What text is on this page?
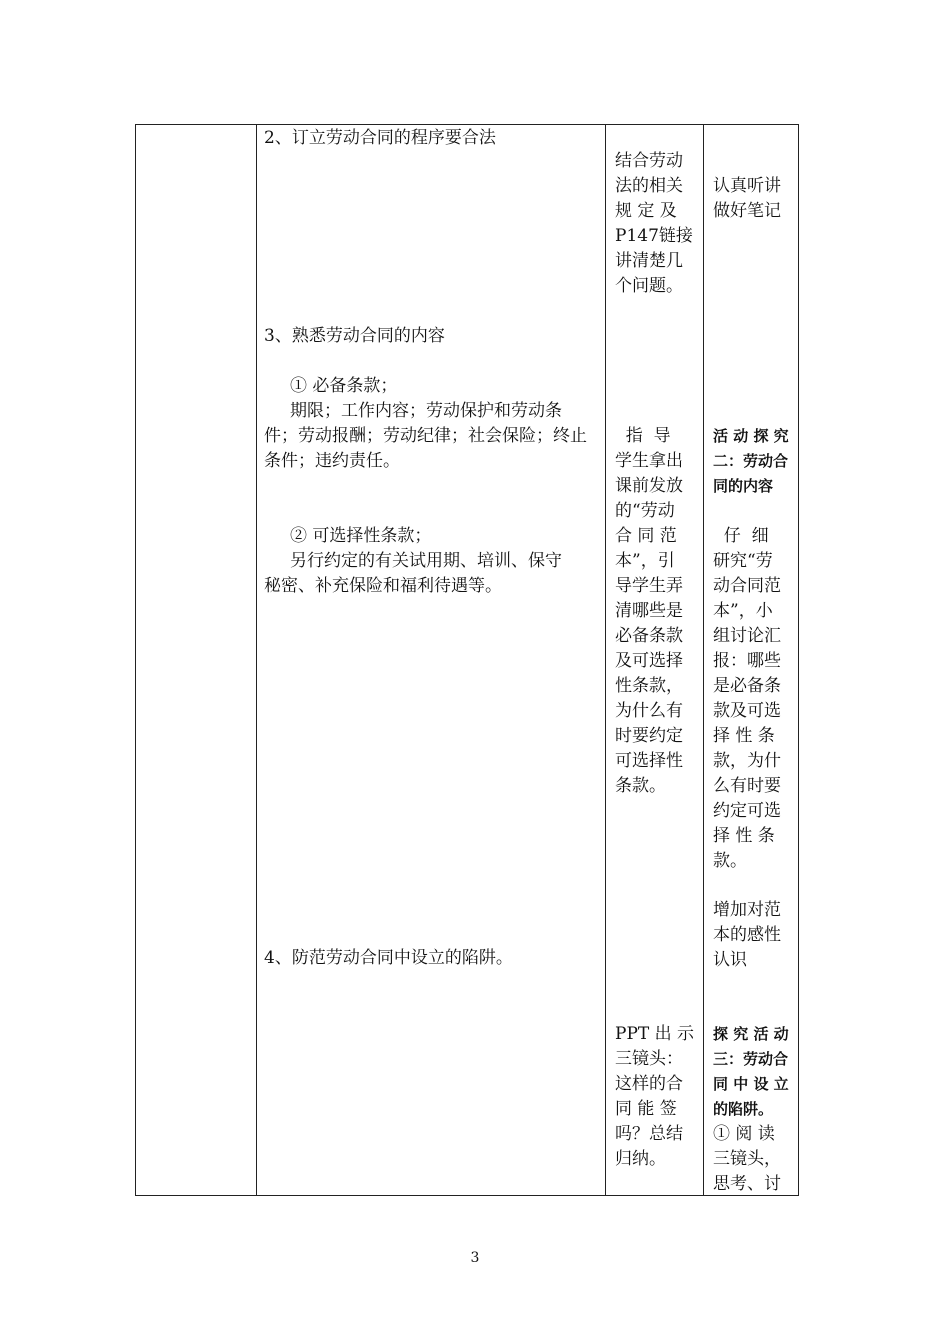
2、订立劳动合同的程序要合法
3、熟悉劳动合同的内容
① 必备条款；
期限；工作内容；劳动保护和劳动条
件；劳动报酬；劳动纪律；社会保险；终止
条件；违约责任。
② 可选择性条款；
另行约定的有关试用期、培训、保守
秘密、补充保险和福利待遇等。
4、防范劳动合同中设立的陷阱。
结合劳动
法的相关
规 定 及
P147链接
讲清楚几
个问题。
指  导
学生拿出
课前发放
的“劳动
合 同 范
本”，引
导学生弄
清哪些是
必备条款
及可选择
性条款，
为什么有
时要约定
可选择性
条款。
PPT 出 示
三镜头：
这样的合
同 能 签
吗？总结
归纳。
认真听讲
做好笔记
活 动 探 究
二：劳动合
同的内容
仔  细
研究“劳
动合同范
本”，小
组讨论汇
报：哪些
是必备条
款及可选
择 性 条
款，为什
么有时要
约定可选
择 性 条
款。
增加对范
本的感性
认识
探 究 活 动
三：劳动合
同 中 设 立
的陷阱。
① 阅 读
三镜头，
思考、讨
3
